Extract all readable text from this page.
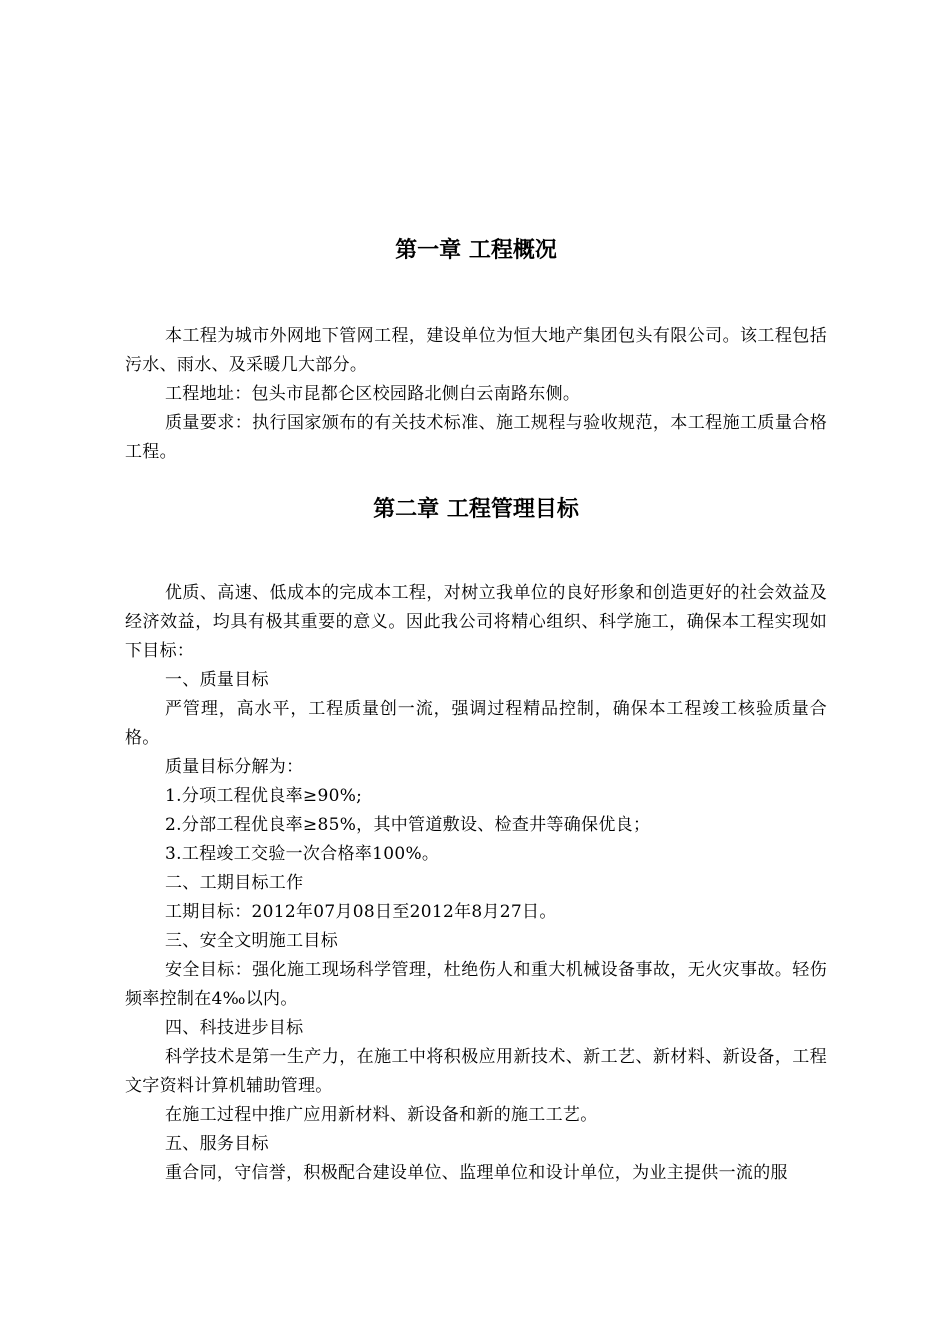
第一章 工程概况

本工程为城市外网地下管网工程，建设单位为恒大地产集团包头有限公司。该工程包括污水、雨水、及采暖几大部分。

工程地址：包头市昆都仑区校园路北侧白云南路东侧。

质量要求：执行国家颁布的有关技术标准、施工规程与验收规范，本工程施工质量合格工程。

第二章 工程管理目标

优质、高速、低成本的完成本工程，对树立我单位的良好形象和创造更好的社会效益及经济效益，均具有极其重要的意义。因此我公司将精心组织、科学施工，确保本工程实现如下目标：

一、质量目标

严管理，高水平，工程质量创一流，强调过程精品控制，确保本工程竣工核验质量合格。

质量目标分解为：

1.分项工程优良率≥90%;

2.分部工程优良率≥85%，其中管道敷设、检查井等确保优良；

3.工程竣工交验一次合格率100%。

二、工期目标工作

工期目标：2012年07月08日至2012年8月27日。

三、安全文明施工目标

安全目标：强化施工现场科学管理，杜绝伤人和重大机械设备事故，无火灾事故。轻伤频率控制在4‰以内。

四、科技进步目标

科学技术是第一生产力，在施工中将积极应用新技术、新工艺、新材料、新设备，工程文字资料计算机辅助管理。

在施工过程中推广应用新材料、新设备和新的施工工艺。

五、服务目标

重合同，守信誉，积极配合建设单位、监理单位和设计单位，为业主提供一流的服
